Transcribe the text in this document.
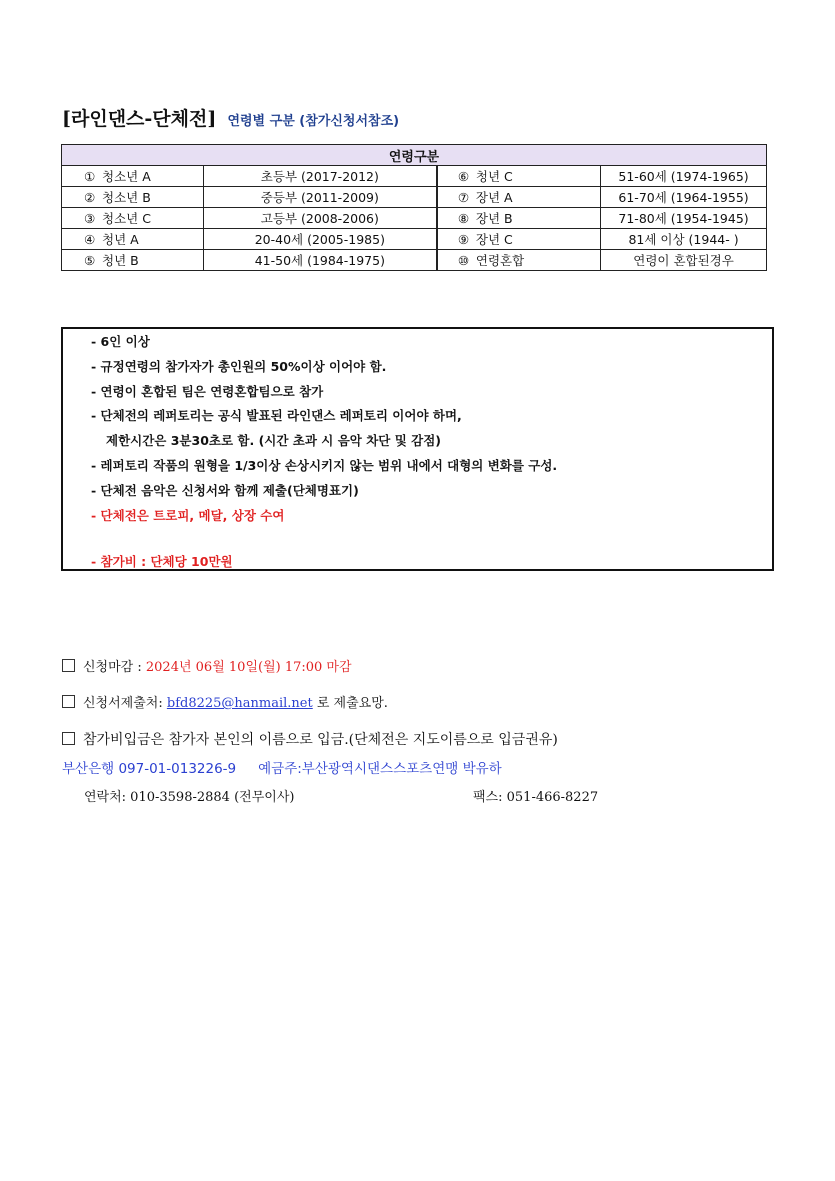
[라인댄스-단체전] 연령별 구분 (참가신청서참조)
연령구분			
① 청소년 A	초등부 (2017-2012)	⑥ 청년 C	51-60세 (1974-1965)
② 청소년 B	중등부 (2011-2009)	⑦ 장년 A	61-70세 (1964-1955)
③ 청소년 C	고등부 (2008-2006)	⑧ 장년 B	71-80세 (1954-1945)
④ 청년 A	20-40세 (2005-1985)	⑨ 장년 C	81세 이상 (1944- )
⑤ 청년 B	41-50세 (1984-1975)	⑩ 연령혼합	연령이 혼합된경우
- 6인 이상
- 규정연령의 참가자가 총인원의 50%이상 이어야 함.
- 연령이 혼합된 팀은 연령혼합팀으로 참가
- 단체전의 레퍼토리는 공식 발표된 라인댄스 레퍼토리 이어야 하며,
제한시간은 3분30초로 함. (시간 초과 시 음악 차단 및 감점)
- 레퍼토리 작품의 원형을 1/3이상 손상시키지 않는 범위 내에서 대형의 변화를 구성.
- 단체전 음악은 신청서와 함께 제출(단체명표기)
- 단체전은 트로피, 메달, 상장 수여
- 참가비 : 단체당 10만원
신청마감 : 2024년 06월 10일(월) 17:00 마감
신청서제출처: bfd8225@hanmail.net 로 제출요망.
참가비입금은 참가자 본인의 이름으로 입금.(단체전은 지도이름으로 입금권유)
부산은행 097-01-013226-9 예금주:부산광역시댄스스포츠연맹 박유하
연락처: 010-3598-2884 (전무이사)	팩스: 051-466-8227
